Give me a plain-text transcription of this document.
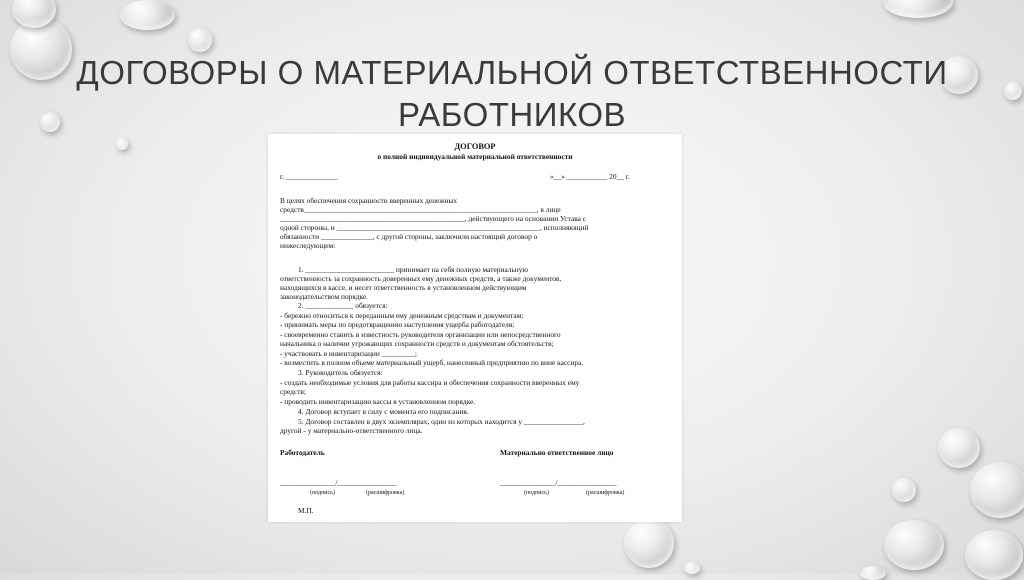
ДОГОВОРЫ О МАТЕРИАЛЬНОЙ ОТВЕТСТВЕННОСТИ
РАБОТНИКОВ
ДОГОВОР
о полной индивидуальной материальной ответственности
г. ______________	«__» ___________ 20__ г.
В целях обеспечения сохранности вверенных денежных
средств_______________________________________________________________, в лице
__________________________________________________, действующего на основании Устава с
одной стороны, и _______________________________________________________, исполняющий
обязанности ______________, с другой стороны, заключили настоящий договор о
нижеследующем:
1. ________________________ принимает на себя полную материальную
ответственность за сохранность доверенных ему денежных средств, а также документов,
находящихся в кассе, и несет ответственность в установленном действующим
законодательством порядке.
2. _____________ обязуется:
- бережно относиться к переданным ему денежным средствам и документам;
- принимать меры по предотвращению наступления ущерба работодателя;
- своевременно ставить в известность руководителя организации или непосредственного
начальника о наличии угрожающих сохранности средств и документам обстоятельств;
- участвовать в инвентаризации _________;
- возместить в полном объеме материальный ущерб, нанесенный предприятию по вине кассира.
3. Руководитель обязуется:
- создать необходимые условия для работы кассира и обеспечения сохранности вверенных ему
средств;
- проводить инвентаризацию кассы в установленном порядке.
4. Договор вступает в силу с момента его подписания.
5. Договор составлен в двух экземплярах, один из которых находится у ________________,
другой - у материально-ответственного лица.
Работодатель	Материально ответственное лицо
_______________/________________	_______________/________________
(подпись)	(расшифровка)	(подпись)	(расшифровка)
М.П.
